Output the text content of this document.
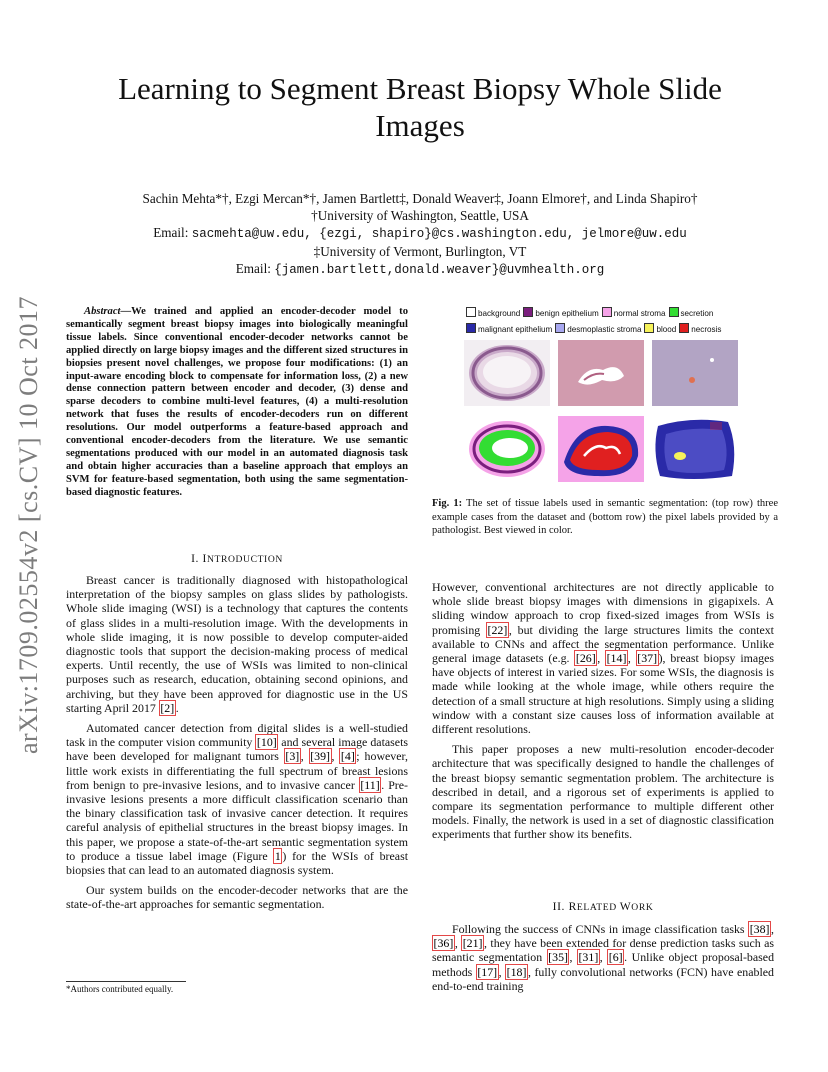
arXiv:1709.02554v2 [cs.CV] 10 Oct 2017
Learning to Segment Breast Biopsy Whole Slide Images
Sachin Mehta*†, Ezgi Mercan*†, Jamen Bartlett‡, Donald Weaver‡, Joann Elmore†, and Linda Shapiro†
†University of Washington, Seattle, USA
Email: sacmehta@uw.edu, {ezgi, shapiro}@cs.washington.edu, jelmore@uw.edu
‡University of Vermont, Burlington, VT
Email: {jamen.bartlett,donald.weaver}@uvmhealth.org
Abstract—We trained and applied an encoder-decoder model to semantically segment breast biopsy images into biologically meaningful tissue labels. Since conventional encoder-decoder networks cannot be applied directly on large biopsy images and the different sized structures in biopsies present novel challenges, we propose four modifications: (1) an input-aware encoding block to compensate for information loss, (2) a new dense connection pattern between encoder and decoder, (3) dense and sparse decoders to combine multi-level features, (4) a multi-resolution network that fuses the results of encoder-decoders run on different resolutions. Our model outperforms a feature-based approach and conventional encoder-decoders from the literature. We use semantic segmentations produced with our model in an automated diagnosis task and obtain higher accuracies than a baseline approach that employs an SVM for feature-based segmentation, both using the same segmentation-based diagnostic features.
I. INTRODUCTION

Breast cancer is traditionally diagnosed with histopathological interpretation of the biopsy samples on glass slides by pathologists. Whole slide imaging (WSI) is a technology that captures the contents of glass slides in a multi-resolution image. With the developments in whole slide imaging, it is now possible to develop computer-aided diagnostic tools that support the decision-making process of medical experts. Until recently, the use of WSIs was limited to non-clinical purposes such as research, education, obtaining second opinions, and archiving, but they have been approved for diagnostic use in the US starting April 2017 [2] .

Automated cancer detection from digital slides is a well-studied task in the computer vision community [10] and several image datasets have been developed for malignant tumors [3] , [39] , [4] ; however, little work exists in differentiating the full spectrum of breast lesions from benign to pre-invasive lesions, and to invasive cancer [11] . Pre-invasive lesions presents a more difficult classification scenario than the binary classification task of invasive cancer detection. It requires careful analysis of epithelial structures in the breast biopsy images. In this paper, we propose a state-of-the-art semantic segmentation system to produce a tissue label image (Figure 1 ) for the WSIs of breast biopsies that can lead to an automated diagnosis system.

Our system builds on the encoder-decoder networks that are the state-of-the-art approaches for semantic segmentation.

*Authors contributed equally.
background benign epithelium normal stroma secretion
malignant epithelium desmoplastic stroma blood necrosis
Fig. 1: The set of tissue labels used in semantic segmentation: (top row) three example cases from the dataset and (bottom row) the pixel labels provided by a pathologist. Best viewed in color.

However, conventional architectures are not directly applicable to whole slide breast biopsy images with dimensions in gigapixels. A sliding window approach to crop fixed-sized images from WSIs is promising [22] , but dividing the large structures limits the context available to CNNs and affect the segmentation performance. Unlike general image datasets (e.g. [26] , [14] , [37] ), breast biopsy images have objects of interest in varied sizes. For some WSIs, the diagnosis is made while looking at the whole image, while others require the detection of a small structure at high resolutions. Simply using a sliding window with a constant size causes loss of information available at different resolutions.

This paper proposes a new multi-resolution encoder-decoder architecture that was specifically designed to handle the challenges of the breast biopsy semantic segmentation problem. The architecture is described in detail, and a rigorous set of experiments is applied to compare its segmentation performance to multiple different other models. Finally, the network is used in a set of diagnostic classification experiments that further show its benefits.

II. RELATED WORK

Following the success of CNNs in image classification tasks [38] , [36] , [21] , they have been extended for dense prediction tasks such as semantic segmentation [35] , [31] , [6] . Unlike object proposal-based methods [17] , [18] , fully convolutional networks (FCN) have enabled end-to-end training
